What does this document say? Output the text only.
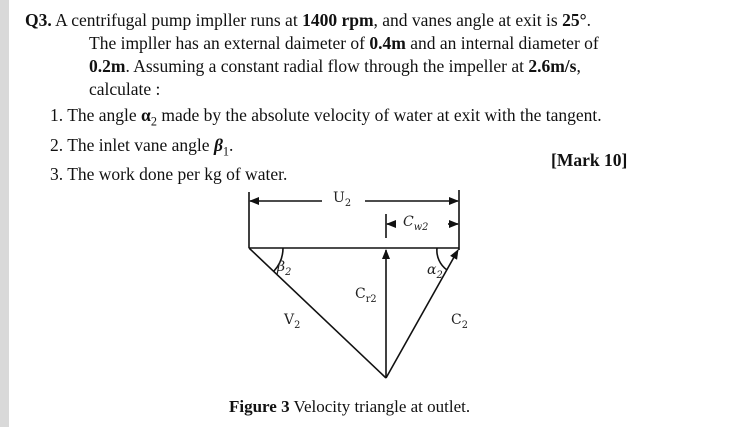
Q3. A centrifugal pump impller runs at 1400 rpm, and vanes angle at exit is 25°.
The impller has an external daimeter of 0.4m and an internal diameter of
0.2m. Assuming a constant radial flow through the impeller at 2.6m/s,
calculate :
1. The angle $\alpha_2$ made by the absolute velocity of water at exit with the tangent.
2. The inlet vane angle $\beta_1$.
3. The work done per kg of water.
[Mark 10]
$U_2$
$C_{w2}$
$\beta_2$	$\alpha_2$
$C_{r2}$
$V_2$	$C_2$
Figure 3 Velocity triangle at outlet.
